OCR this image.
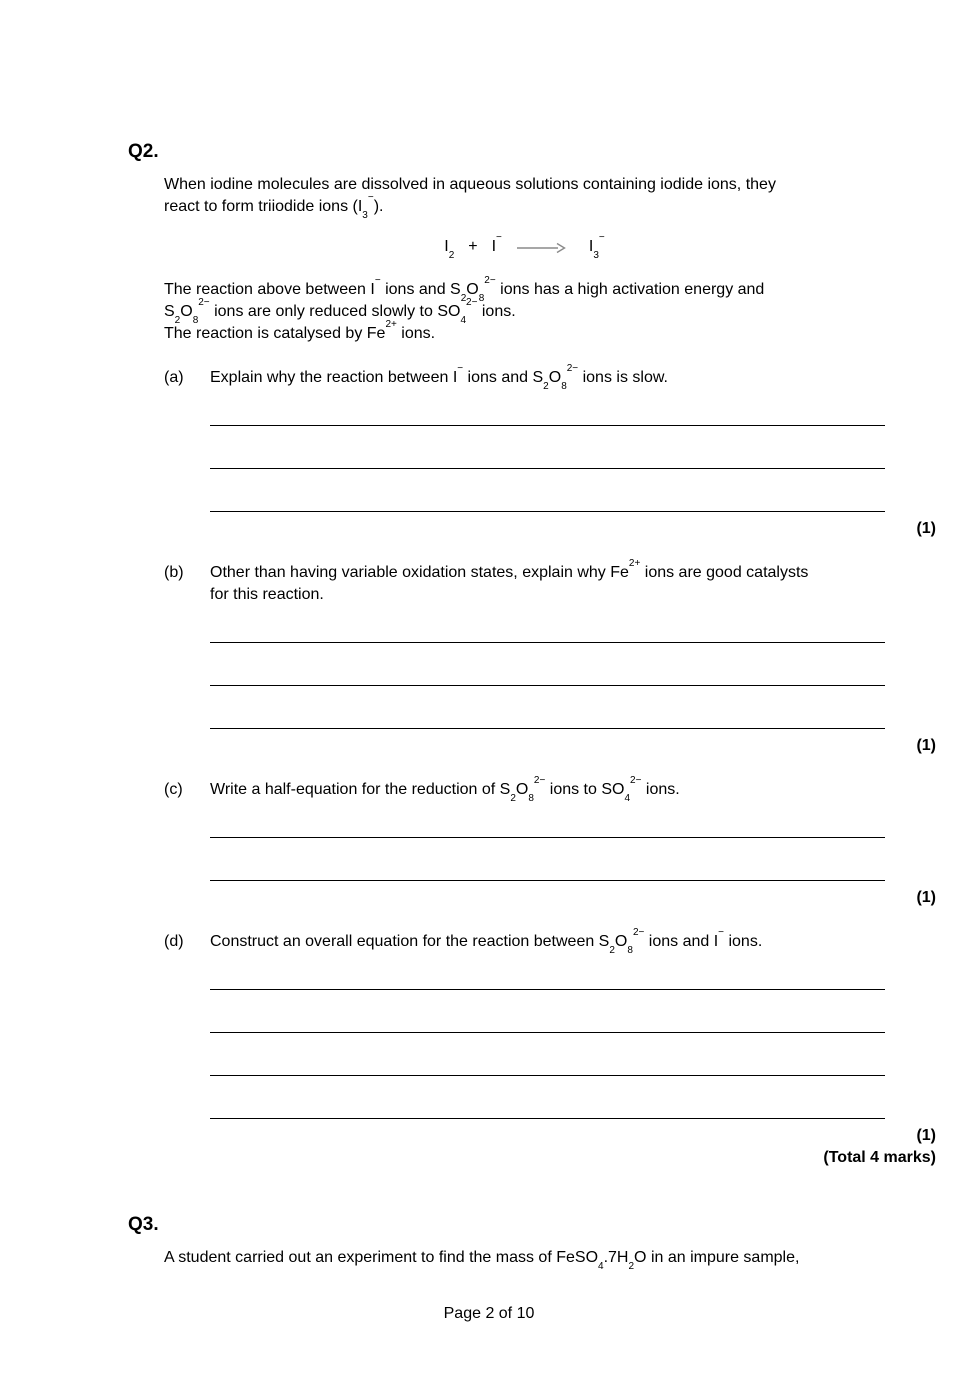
Q2.
When iodine molecules are dissolved in aqueous solutions containing iodide ions, they
react to form triiodide ions $(I_3^-)$.
$I_2$
+ I−
$I_3^-$
The reaction above between I− ions and $S_2O_8^{2-}$ ions has a high activation energy and
$S_2O_8^{2-}$ ions are only reduced slowly to $SO_4^{2-}$ ions.
The reaction is catalysed by $Fe^{2+}$ ions.
(a)	Explain why the reaction between I− ions and $S_2O_8^{2-}$ ions is slow.
(1)
(b)	Other than having variable oxidation states, explain why $Fe^{2+}$ ions are good catalysts
for this reaction.
(1)
(c)	Write a half-equation for the reduction of $S_2O_8^{2-}$ ions to $SO_4^{2-}$ ions.
(1)
(d)	Construct an overall equation for the reaction between $S_2O_8^{2-}$ ions and I− ions.
(1)
(Total 4 marks)
Q3.
A student carried out an experiment to find the mass of $FeSO_4.7H_2O$ in an impure sample,
Page 2 of 10
